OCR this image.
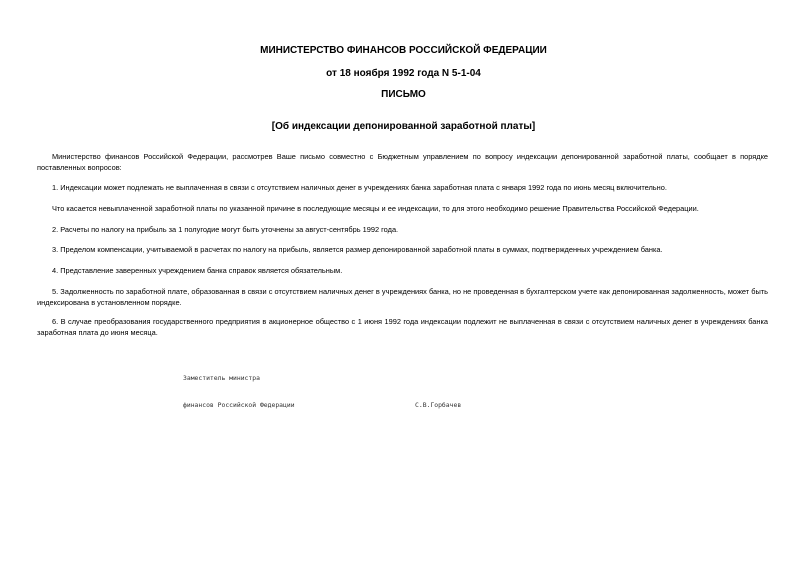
МИНИСТЕРСТВО ФИНАНСОВ РОССИЙСКОЙ ФЕДЕРАЦИИ
от 18 ноября 1992 года N 5-1-04
ПИСЬМО
[Об индексации депонированной заработной платы]

Министерство финансов Российской Федерации, рассмотрев Ваше письмо совместно с Бюджетным управлением по вопросу индексации депонированной заработной платы, сообщает в порядке поставленных вопросов:

1. Индексации может подлежать не выплаченная в связи с отсутствием наличных денег в учреждениях банка заработная плата с января 1992 года по июнь месяц включительно.

Что касается невыплаченной заработной платы по указанной причине в последующие месяцы и ее индексации, то для этого необходимо решение Правительства Российской Федерации.

2. Расчеты по налогу на прибыль за 1 полугодие могут быть уточнены за август-сентябрь 1992 года.

3. Пределом компенсации, учитываемой в расчетах по налогу на прибыль, является размер депонированной заработной платы в суммах, подтвержденных учреждением банка.

4. Представление заверенных учреждением банка справок является обязательным.

5. Задолженность по заработной плате, образованная в связи с отсутствием наличных денег в учреждениях банка, но не проведенная в бухгалтерском учете как депонированная задолженность, может быть индексирована в установленном порядке.

6. В случае преобразования государственного предприятия в акционерное общество с 1 июня 1992 года индексации подлежит не выплаченная в связи с отсутствием наличных денег в учреждениях банка заработная плата до июня месяца.

Заместитель министра

финансов Российской Федерации	С.В.Горбачев
